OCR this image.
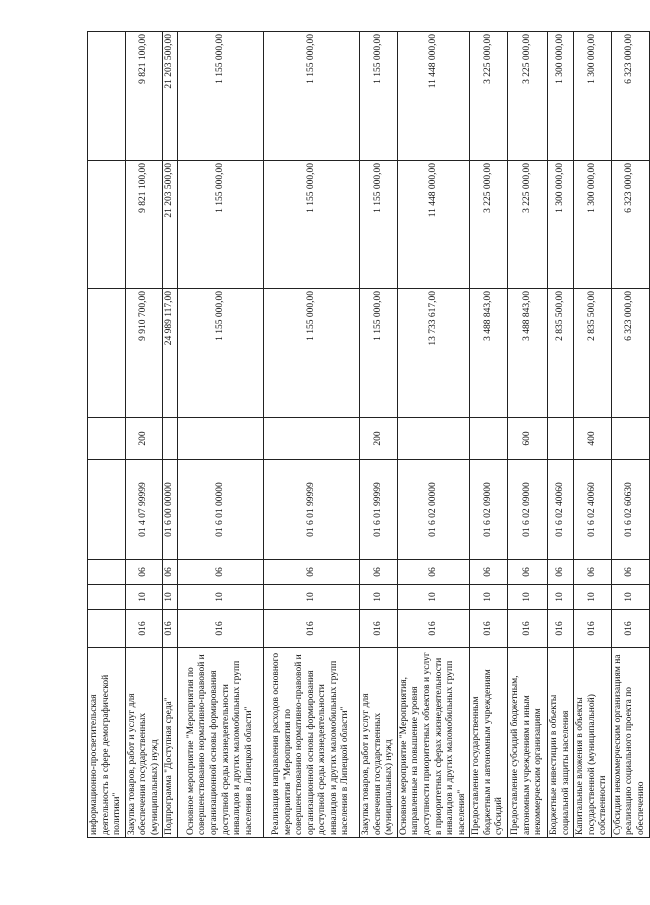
информационно-просветительская деятельность в сфере демографической политики"								
Закупка товаров, работ и услуг для обеспечения государственных (муниципальных) нужд	016	10	06	01 4 07 99999	200	9 910 700,00	9 821 100,00	9 821 100,00
Подпрограмма "Доступная среда"	016	10	06	01 6 00 00000		24 989 117,00	21 203 500,00	21 203 500,00
Основное мероприятие "Мероприятия по совершенствованию нормативно-правовой и организационной основы формирования доступной среды жизнедеятельности инвалидов и других маломобильных групп населения в Липецкой области"	016	10	06	01 6 01 00000		1 155 000,00	1 155 000,00	1 155 000,00
Реализация направления расходов основного мероприятия "Мероприятия по совершенствованию нормативно-правовой и организационной основы формирования доступной среды жизнедеятельности инвалидов и других маломобильных групп населения в Липецкой области"	016	10	06	01 6 01 99999		1 155 000,00	1 155 000,00	1 155 000,00
Закупка товаров, работ и услуг для обеспечения государственных (муниципальных) нужд	016	10	06	01 6 01 99999	200	1 155 000,00	1 155 000,00	1 155 000,00
Основное мероприятие "Мероприятия, направленные на повышение уровня доступности приоритетных объектов и услуг в приоритетных сферах жизнедеятельности инвалидов и других маломобильных групп населения"	016	10	06	01 6 02 00000		13 733 617,00	11 448 000,00	11 448 000,00
Предоставление государственным бюджетным и автономным учреждениям субсидий	016	10	06	01 6 02 09000		3 488 843,00	3 225 000,00	3 225 000,00
Предоставление субсидий бюджетным, автономным учреждениям и иным некоммерческим организациям	016	10	06	01 6 02 09000	600	3 488 843,00	3 225 000,00	3 225 000,00
Бюджетные инвестиции в объекты социальной защиты населения	016	10	06	01 6 02 40060		2 835 500,00	1 300 000,00	1 300 000,00
Капитальные вложения в объекты государственной (муниципальной) собственности	016	10	06	01 6 02 40060	400	2 835 500,00	1 300 000,00	1 300 000,00
Субсидии некоммерческим организациям на реализацию социального проекта по обеспечению	016	10	06	01 6 02 60630		6 323 000,00	6 323 000,00	6 323 000,00
